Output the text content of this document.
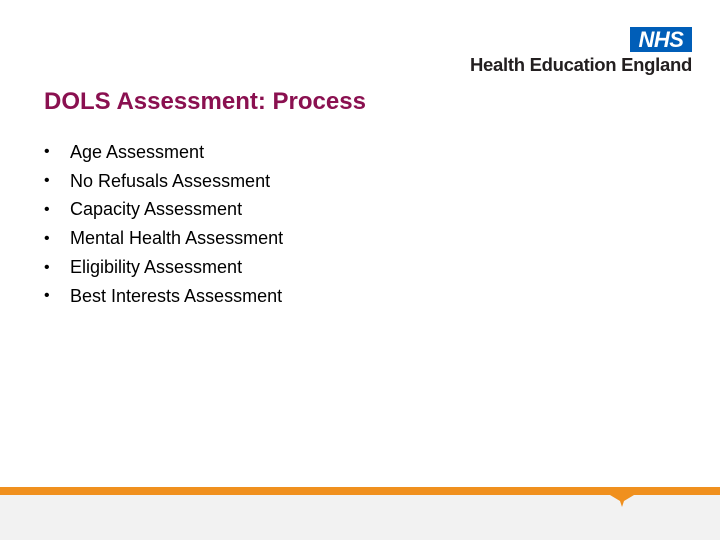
NHS
Health Education England
DOLS Assessment: Process
•	Age Assessment
•	No Refusals Assessment
•	Capacity Assessment
•	Mental Health Assessment
•	Eligibility Assessment
•	Best Interests Assessment
